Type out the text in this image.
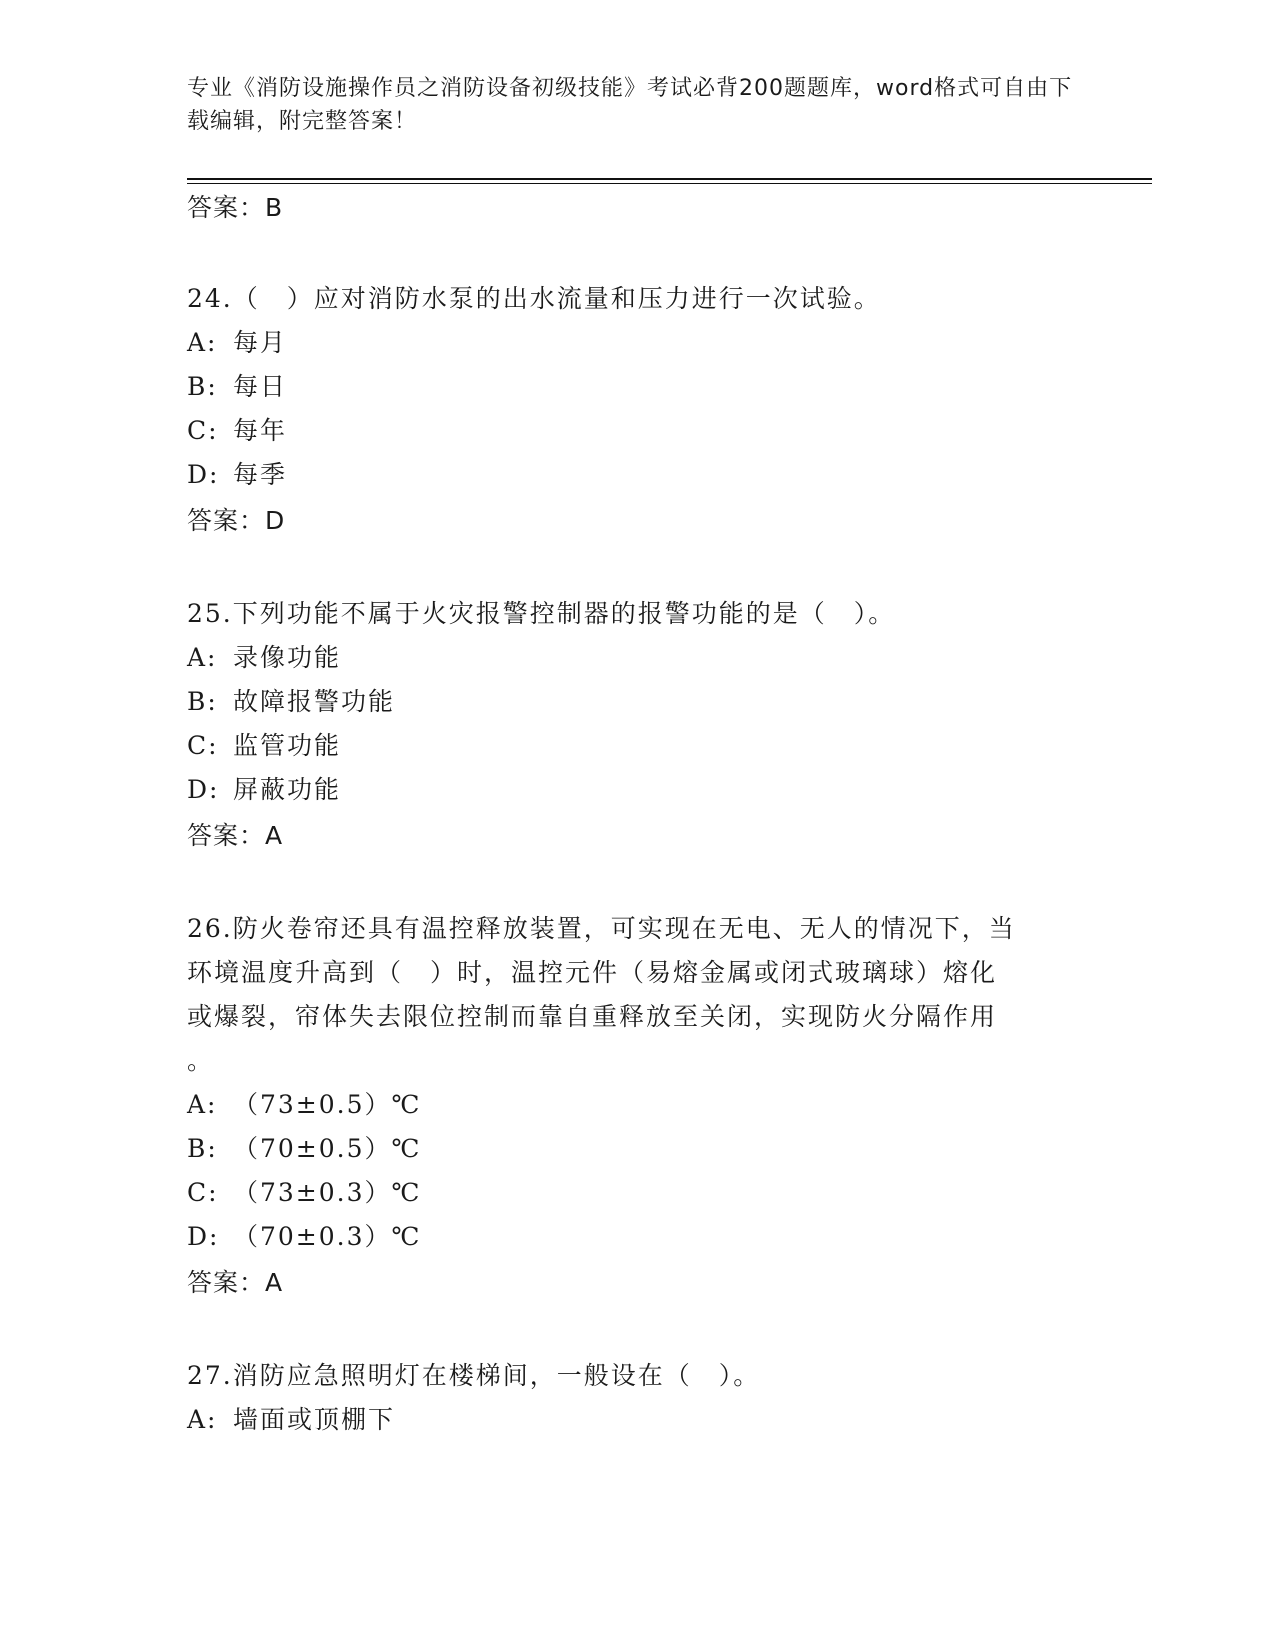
专业《消防设施操作员之消防设备初级技能》考试必背200题题库，word格式可自由下载编辑，附完整答案！

答案：B

24.（　）应对消防水泵的出水流量和压力进行一次试验。

A: 每月

B: 每日

C: 每年

D: 每季

答案：D

25.下列功能不属于火灾报警控制器的报警功能的是（　）。

A: 录像功能

B: 故障报警功能

C: 监管功能

D: 屏蔽功能

答案：A

26.防火卷帘还具有温控释放装置，可实现在无电、无人的情况下，当

环境温度升高到（　）时，温控元件（易熔金属或闭式玻璃球）熔化

或爆裂，帘体失去限位控制而靠自重释放至关闭，实现防火分隔作用

。

A: （73±0.5）℃

B: （70±0.5）℃

C: （73±0.3）℃

D: （70±0.3）℃

答案：A

27.消防应急照明灯在楼梯间，一般设在（　）。

A: 墙面或顶棚下
